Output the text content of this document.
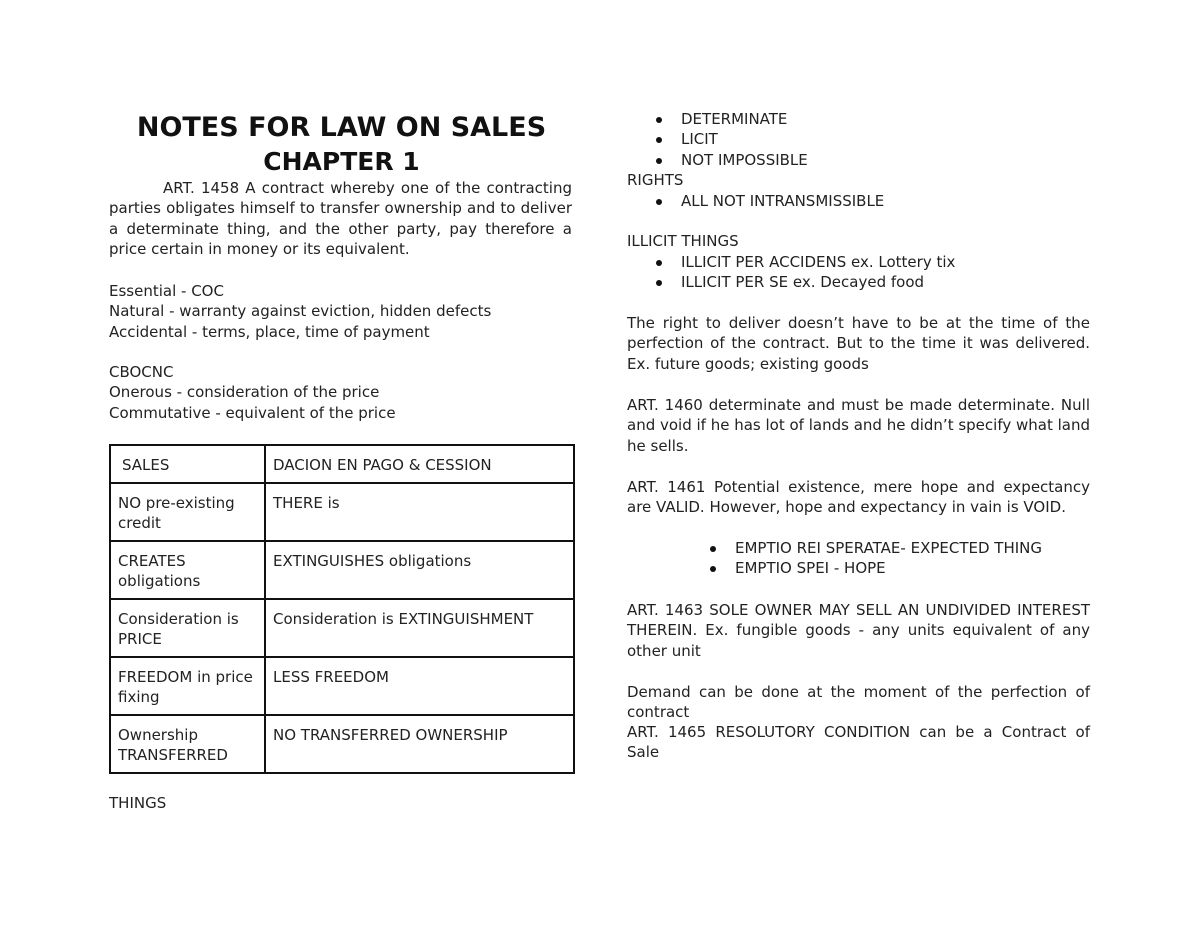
NOTES FOR LAW ON SALES
CHAPTER 1
ART. 1458 A contract whereby one of the contracting parties obligates himself to transfer ownership and to deliver a determinate thing, and the other party, pay therefore a price certain in money or its equivalent.
Essential - COC
Natural - warranty against eviction, hidden defects
Accidental - terms, place, time of payment
CBOCNC
Onerous - consideration of the price
Commutative - equivalent of the price
SALES	DACION EN PAGO & CESSION
NO pre-existing credit	THERE is
CREATES obligations	EXTINGUISHES obligations
Consideration is PRICE	Consideration is EXTINGUISHMENT
FREEDOM in price fixing	LESS FREEDOM
Ownership TRANSFERRED	NO TRANSFERRED OWNERSHIP
THINGS
DETERMINATE
LICIT
NOT IMPOSSIBLE
RIGHTS
ALL NOT INTRANSMISSIBLE
ILLICIT THINGS
ILLICIT PER ACCIDENS ex. Lottery tix
ILLICIT PER SE ex. Decayed food
The right to deliver doesn’t have to be at the time of the perfection of the contract. But to the time it was delivered. Ex. future goods; existing goods
ART. 1460 determinate and must be made determinate. Null and void if he has lot of lands and he didn’t specify what land he sells.
ART. 1461 Potential existence, mere hope and expectancy are VALID. However, hope and expectancy in vain is VOID.
EMPTIO REI SPERATAE- EXPECTED THING
EMPTIO SPEI - HOPE
ART. 1463 SOLE OWNER MAY SELL AN UNDIVIDED INTEREST THEREIN. Ex. fungible goods - any units equivalent of any other unit
Demand can be done at the moment of the perfection of contract
ART. 1465 RESOLUTORY CONDITION can be a Contract of Sale
